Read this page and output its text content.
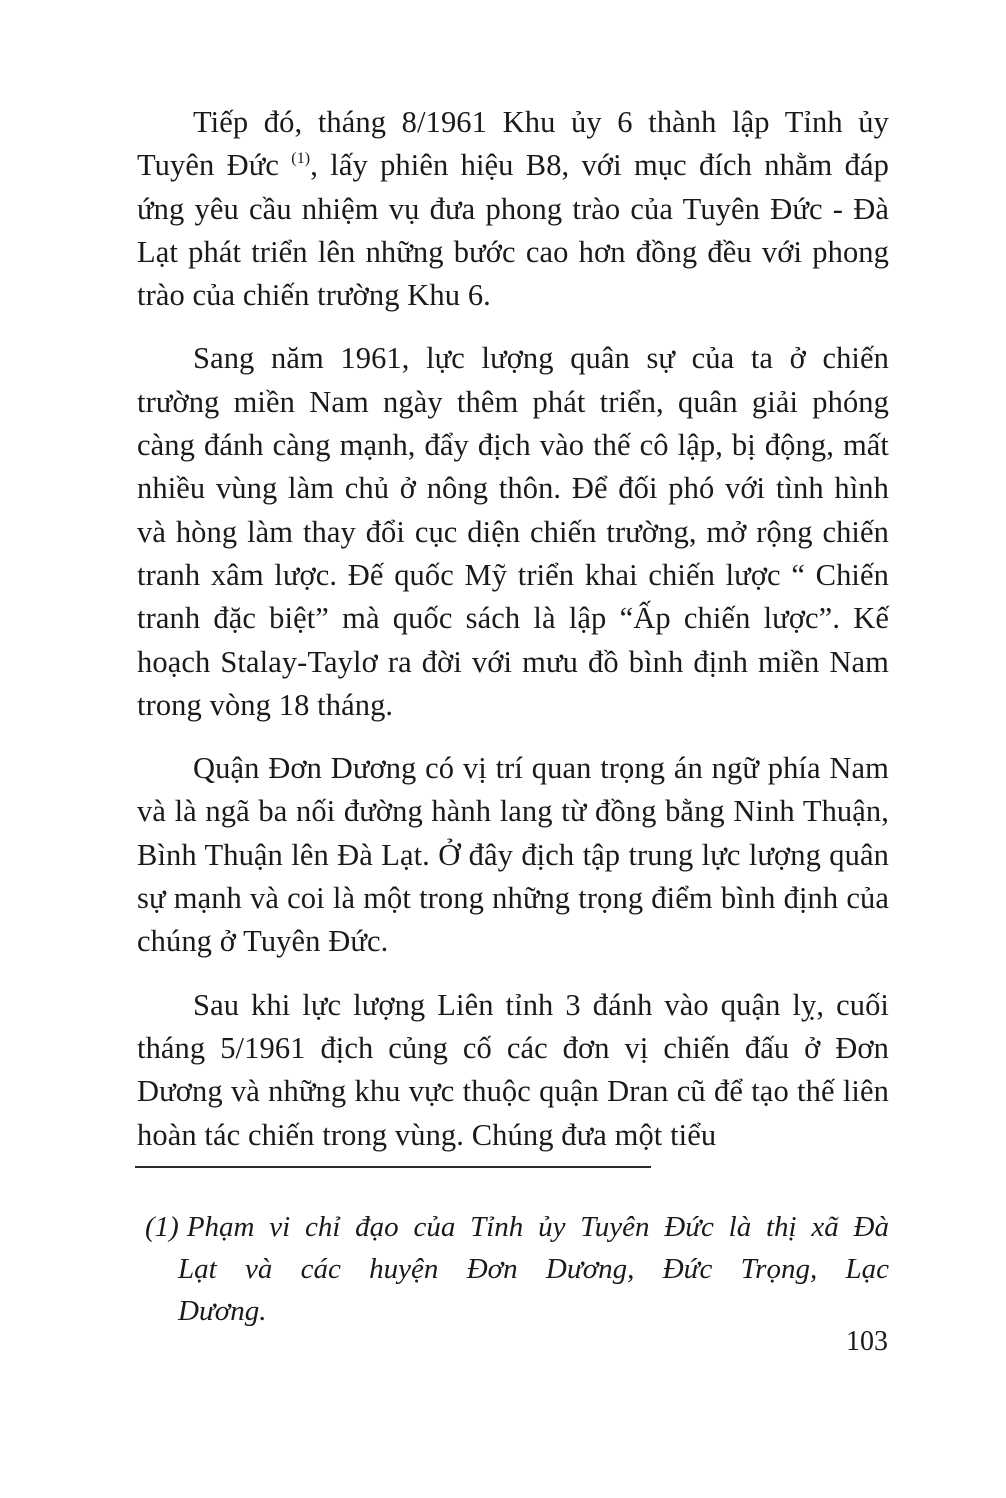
Tiếp đó, tháng 8/1961 Khu ủy 6 thành lập Tỉnh ủy Tuyên Đức $^{(1)}$, lấy phiên hiệu B8, với mục đích nhằm đáp ứng yêu cầu nhiệm vụ đưa phong trào của Tuyên Đức - Đà Lạt phát triển lên những bước cao hơn đồng đều với phong trào của chiến trường Khu 6.

Sang năm 1961, lực lượng quân sự của ta ở chiến trường miền Nam ngày thêm phát triển, quân giải phóng càng đánh càng mạnh, đẩy địch vào thế cô lập, bị động, mất nhiều vùng làm chủ ở nông thôn. Để đối phó với tình hình và hòng làm thay đổi cục diện chiến trường, mở rộng chiến tranh xâm lược. Đế quốc Mỹ triển khai chiến lược “ Chiến tranh đặc biệt” mà quốc sách là lập “Ấp chiến lược”. Kế hoạch Stalay-Taylơ ra đời với mưu đồ bình định miền Nam trong vòng 18 tháng.

Quận Đơn Dương có vị trí quan trọng án ngữ phía Nam và là ngã ba nối đường hành lang từ đồng bằng Ninh Thuận, Bình Thuận lên Đà Lạt. Ở đây địch tập trung lực lượng quân sự mạnh và coi là một trong những trọng điểm bình định của chúng ở Tuyên Đức.

Sau khi lực lượng Liên tỉnh 3 đánh vào quận lỵ, cuối tháng 5/1961 địch củng cố các đơn vị chiến đấu ở Đơn Dương và những khu vực thuộc quận Dran cũ để tạo thế liên hoàn tác chiến trong vùng. Chúng đưa một tiểu

(1) Phạm vi chỉ đạo của Tỉnh ủy Tuyên Đức là thị xã Đà
Lạt và các huyện Đơn Dương, Đức Trọng, Lạc
Dương.

103
